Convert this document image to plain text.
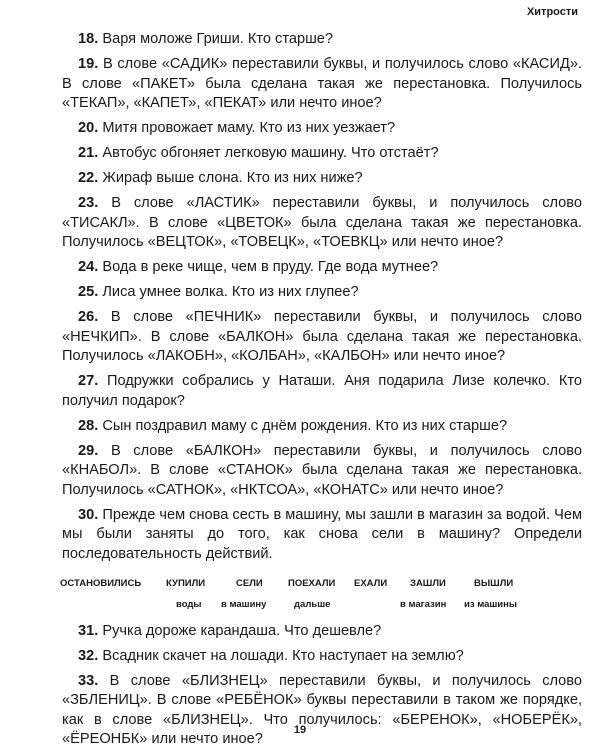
Хитрости
18. Варя моложе Гриши. Кто старше?
19. В слове «САДИК» переставили буквы, и получилось слово «КАСИД». В слове «ПАКЕТ» была сделана такая же перестановка. Получилось «ТЕКАП», «КАПЕТ», «ПЕКАТ» или нечто иное?
20. Митя провожает маму. Кто из них уезжает?
21. Автобус обгоняет легковую машину. Что отстаёт?
22. Жираф выше слона. Кто из них ниже?
23. В слове «ЛАСТИК» переставили буквы, и получилось слово «ТИСАКЛ». В слове «ЦВЕТОК» была сделана такая же перестановка. Получилось «ВЕЦТОК», «ТОВЕЦК», «ТОЕВКЦ» или нечто иное?
24. Вода в реке чище, чем в пруду. Где вода мутнее?
25. Лиса умнее волка. Кто из них глупее?
26. В слове «ПЕЧНИК» переставили буквы, и получилось слово «НЕЧКИП». В слове «БАЛКОН» была сделана такая же перестановка. Получилось «ЛАКОБН», «КОЛБАН», «КАЛБОН» или нечто иное?
27. Подружки собрались у Наташи. Аня подарила Лизе колечко. Кто получил подарок?
28. Сын поздравил маму с днём рождения. Кто из них старше?
29. В слове «БАЛКОН» переставили буквы, и получилось слово «КНАБОЛ». В слове «СТАНОК» была сделана такая же перестановка. Получилось «САТНОК», «НКТСОА», «КОНАТС» или нечто иное?
30. Прежде чем снова сесть в машину, мы зашли в магазин за водой. Чем мы были заняты до того, как снова сели в машину? Определи последовательность действий.
ОСТАНОВИЛИСЬ	КУПИЛИ
воды
СЕЛИ
в машину
ПОЕХАЛИ
дальше
ЕХАЛИ ЗАШЛИ
в магазин
ВЫШЛИ
из машины
31. Ручка дороже карандаша. Что дешевле?
32. Всадник скачет на лошади. Кто наступает на землю?
33. В слове «БЛИЗНЕЦ» переставили буквы, и получилось слово «ЗБЛЕНИЦ». В слове «РЕБЁНОК» буквы переставили в таком же порядке, как в слове «БЛИЗНЕЦ». Что получилось: «БЕРЕНОК», «НОБЕРЁК», «ЁРЕОНБК» или нечто иное?
19
